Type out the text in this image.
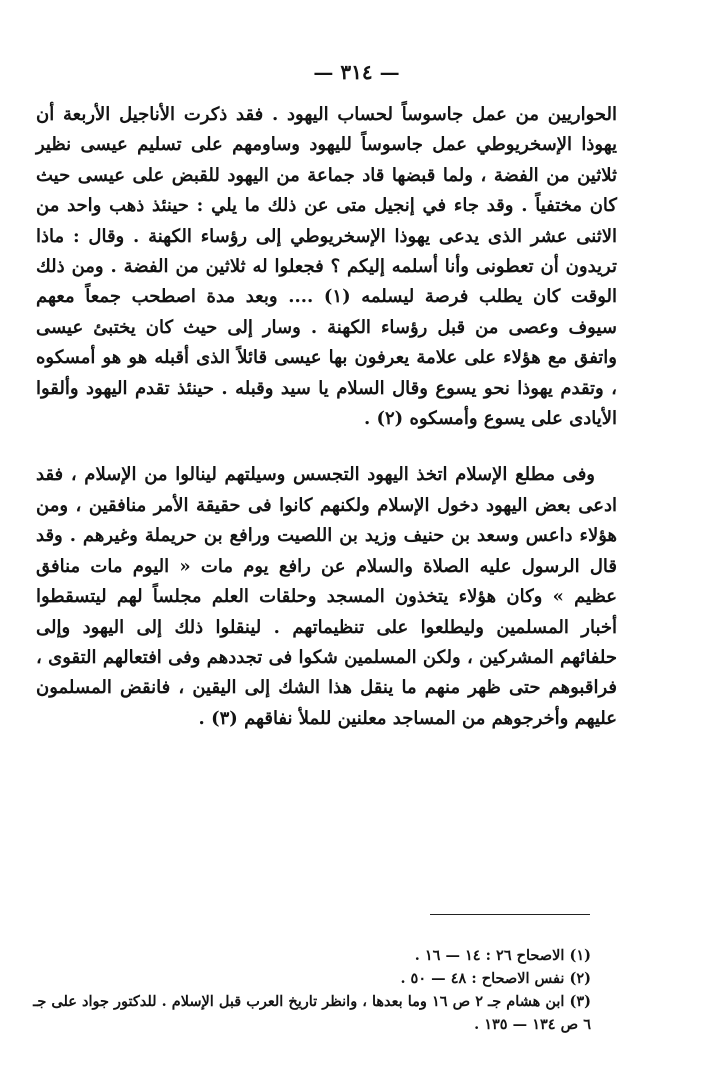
— ٣١٤ —

الحواريين من عمل جاسوساً لحساب اليهود . فقد ذكرت الأناجيل الأربعة أن يهوذا الإسخريوطي عمل جاسوساً لليهود وساومهم على تسليم عيسى نظير ثلاثين من الفضة ، ولما قبضها قاد جماعة من اليهود للقبض على عيسى حيث كان مختفياً . وقد جاء في إنجيل متى عن ذلك ما يلي : حينئذ ذهب واحد من الاثنى عشر الذى يدعى يهوذا الإسخريوطي إلى رؤساء الكهنة . وقال : ماذا تريدون أن تعطونى وأنا أسلمه إليكم ؟ فجعلوا له ثلاثين من الفضة . ومن ذلك الوقت كان يطلب فرصة ليسلمه (١) .... وبعد مدة اصطحب جمعاً معهم سيوف وعصى من قبل رؤساء الكهنة . وسار إلى حيث كان يختبئ عيسى واتفق مع هؤلاء على علامة يعرفون بها عيسى قائلاً الذى أقبله هو هو أمسكوه ، وتقدم يهوذا نحو يسوع وقال السلام يا سيد وقبله . حينئذ تقدم اليهود وألقوا الأيادى على يسوع وأمسكوه (٢) .

وفى مطلع الإسلام اتخذ اليهود التجسس وسيلتهم لينالوا من الإسلام ، فقد ادعى بعض اليهود دخول الإسلام ولكنهم كانوا فى حقيقة الأمر منافقين ، ومن هؤلاء داعس وسعد بن حنيف وزيد بن اللصيت ورافع بن حريملة وغيرهم . وقد قال الرسول عليه الصلاة والسلام عن رافع يوم مات « اليوم مات منافق عظيم » وكان هؤلاء يتخذون المسجد وحلقات العلم مجلساً لهم ليتسقطوا أخبار المسلمين وليطلعوا على تنظيماتهم . لينقلوا ذلك إلى اليهود وإلى حلفائهم المشركين ، ولكن المسلمين شكوا فى تجددهم وفى افتعالهم التقوى ، فراقبوهم حتى ظهر منهم ما ينقل هذا الشك إلى اليقين ، فانقض المسلمون عليهم وأخرجوهم من المساجد معلنين للملأ نفاقهم (٣) .

(١) الاصحاح ٢٦ : ١٤ — ١٦ .

(٢) نفس الاصحاح : ٤٨ — ٥٠ .

(٣) ابن هشام جـ ٢ ص ١٦ وما بعدها ، وانظر تاريخ العرب قبل الإسلام . للدكتور جواد على جـ ٦ ص ١٣٤ — ١٣٥ .
